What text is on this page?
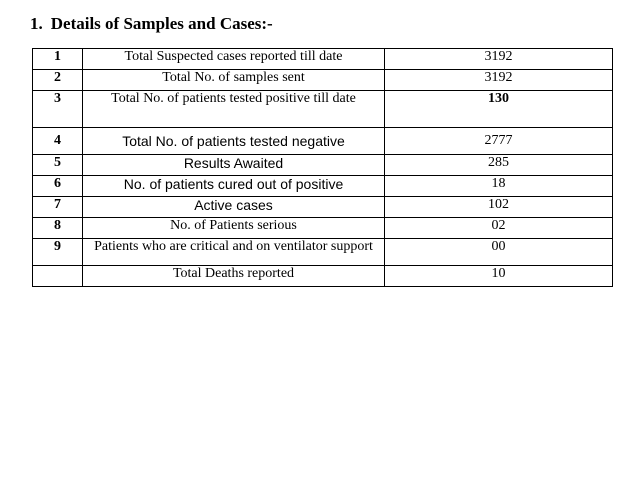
1. Details of Samples and Cases:-
1	Total Suspected cases reported till date	3192
2	Total No. of samples sent	3192
3	Total No. of patients tested positive till date	130
4	Total No. of patients tested negative	2777
5	Results Awaited	285
6	No. of patients cured out of positive	18
7	Active cases	102
8	No. of Patients serious	02
9	Patients who are critical and on ventilator support	00
	Total Deaths reported	10
